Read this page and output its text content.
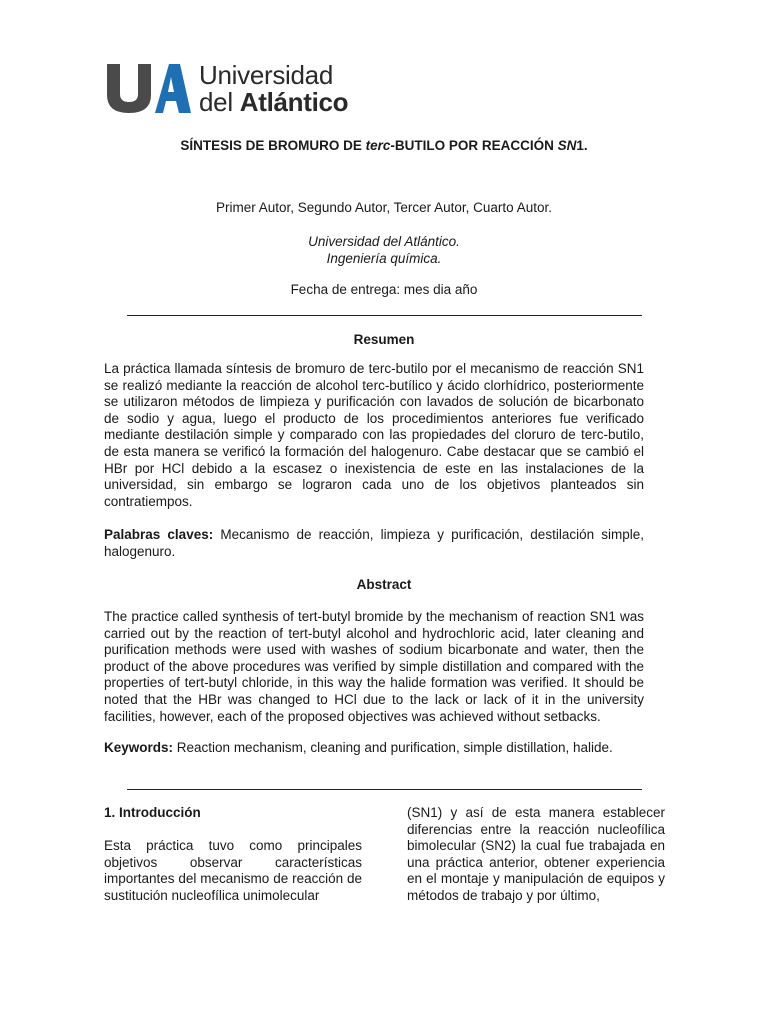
Universidad
del Atlántico
SÍNTESIS DE BROMURO DE terc-BUTILO POR REACCIÓN SN1.
Primer Autor, Segundo Autor, Tercer Autor, Cuarto Autor.
Universidad del Atlántico.
Ingeniería química.
Fecha de entrega: mes dia año
Resumen
La práctica llamada síntesis de bromuro de terc-butilo por el mecanismo de reacción SN1 se realizó mediante la reacción de alcohol terc-butílico y ácido clorhídrico, posteriormente se utilizaron métodos de limpieza y purificación con lavados de solución de bicarbonato de sodio y agua, luego el producto de los procedimientos anteriores fue verificado mediante destilación simple y comparado con las propiedades del cloruro de terc-butilo, de esta manera se verificó la formación del halogenuro. Cabe destacar que se cambió el HBr por HCl debido a la escasez o inexistencia de este en las instalaciones de la universidad, sin embargo se lograron cada uno de los objetivos planteados sin contratiempos.
Palabras claves: Mecanismo de reacción, limpieza y purificación, destilación simple, halogenuro.
Abstract
The practice called synthesis of tert-butyl bromide by the mechanism of reaction SN1 was carried out by the reaction of tert-butyl alcohol and hydrochloric acid, later cleaning and purification methods were used with washes of sodium bicarbonate and water, then the product of the above procedures was verified by simple distillation and compared with the properties of tert-butyl chloride, in this way the halide formation was verified. It should be noted that the HBr was changed to HCl due to the lack or lack of it in the university facilities, however, each of the proposed objectives was achieved without setbacks.
Keywords: Reaction mechanism, cleaning and purification, simple distillation, halide.
1. Introducción
Esta práctica tuvo como principales objetivos observar características importantes del mecanismo de reacción de sustitución nucleofílica unimolecular
(SN1) y así de esta manera establecer diferencias entre la reacción nucleofílica bimolecular (SN2) la cual fue trabajada en una práctica anterior, obtener experiencia en el montaje y manipulación de equipos y métodos de trabajo y por último,
